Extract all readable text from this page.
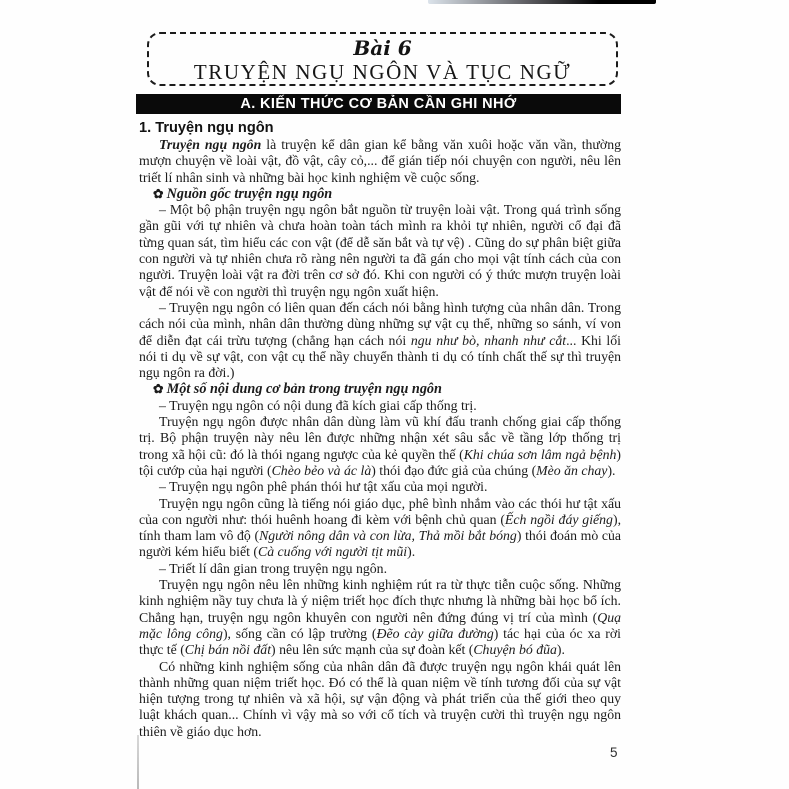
Bài 6
TRUYỆN NGỤ NGÔN VÀ TỤC NGỮ
A. KIẾN THỨC CƠ BẢN CẦN GHI NHỚ
1. Truyện ngụ ngôn

Truyện ngụ ngôn là truyện kể dân gian kể bằng văn xuôi hoặc văn vần, thường mượn chuyện về loài vật, đồ vật, cây cỏ,... để gián tiếp nói chuyện con người, nêu lên triết lí nhân sinh và những bài học kinh nghiệm về cuộc sống.

✿ Nguồn gốc truyện ngụ ngôn

– Một bộ phận truyện ngụ ngôn bắt nguồn từ truyện loài vật. Trong quá trình sống gần gũi với tự nhiên và chưa hoàn toàn tách mình ra khỏi tự nhiên, người cổ đại đã từng quan sát, tìm hiểu các con vật (để dễ săn bắt và tự vệ) . Cũng do sự phân biệt giữa con người và tự nhiên chưa rõ ràng nên người ta đã gán cho mọi vật tính cách của con người. Truyện loài vật ra đời trên cơ sở đó. Khi con người có ý thức mượn truyện loài vật để nói về con người thì truyện ngụ ngôn xuất hiện.

– Truyện ngụ ngôn có liên quan đến cách nói bằng hình tượng của nhân dân. Trong cách nói của mình, nhân dân thường dùng những sự vật cụ thể, những so sánh, ví von để diễn đạt cái trừu tượng (chẳng hạn cách nói ngu như bò, nhanh như cắt... Khi lối nói ti dụ về sự vật, con vật cụ thể nầy chuyển thành ti dụ có tính chất thế sự thì truyện ngụ ngôn ra đời.)

✿ Một số nội dung cơ bản trong truyện ngụ ngôn

– Truyện ngụ ngôn có nội dung đã kích giai cấp thống trị.

Truyện ngụ ngôn được nhân dân dùng làm vũ khí đấu tranh chống giai cấp thống trị. Bộ phận truyện này nêu lên được những nhận xét sâu sắc về tầng lớp thống trị trong xã hội cũ: đó là thói ngang ngược của kẻ quyền thế (Khi chúa sơn lâm ngả bệnh) tội cướp của hại người (Chèo bẻo và ác là) thói đạo đức giả của chúng (Mèo ăn chay).

– Truyện ngụ ngôn phê phán thói hư tật xấu của mọi người.

Truyện ngụ ngôn cũng là tiếng nói giáo dục, phê bình nhắm vào các thói hư tật xấu của con người như: thói huênh hoang đi kèm với bệnh chủ quan (Ếch ngồi đáy giếng), tính tham lam vô độ (Người nông dân và con lừa, Thả mồi bắt bóng) thói đoán mò của người kém hiểu biết (Cà cuống với người tịt mũi).

– Triết lí dân gian trong truyện ngụ ngôn.

Truyện ngụ ngôn nêu lên những kinh nghiệm rút ra từ thực tiễn cuộc sống. Những kinh nghiệm nầy tuy chưa là ý niệm triết học đích thực nhưng là những bài học bổ ích. Chẳng hạn, truyện ngụ ngôn khuyên con người nên đứng đúng vị trí của mình (Quạ mặc lông công), sống cần có lập trường (Đẽo cày giữa đường) tác hại của óc xa rời thực tế (Chị bán nồi đất) nêu lên sức mạnh của sự đoàn kết (Chuyện bó đũa).

Có những kinh nghiệm sống của nhân dân đã được truyện ngụ ngôn khái quát lên thành những quan niệm triết học. Đó có thể là quan niệm về tính tương đối của sự vật hiện tượng trong tự nhiên và xã hội, sự vận động và phát triển của thế giới theo quy luật khách quan... Chính vì vậy mà so với cổ tích và truyện cười thì truyện ngụ ngôn thiên về giáo dục hơn.

5
